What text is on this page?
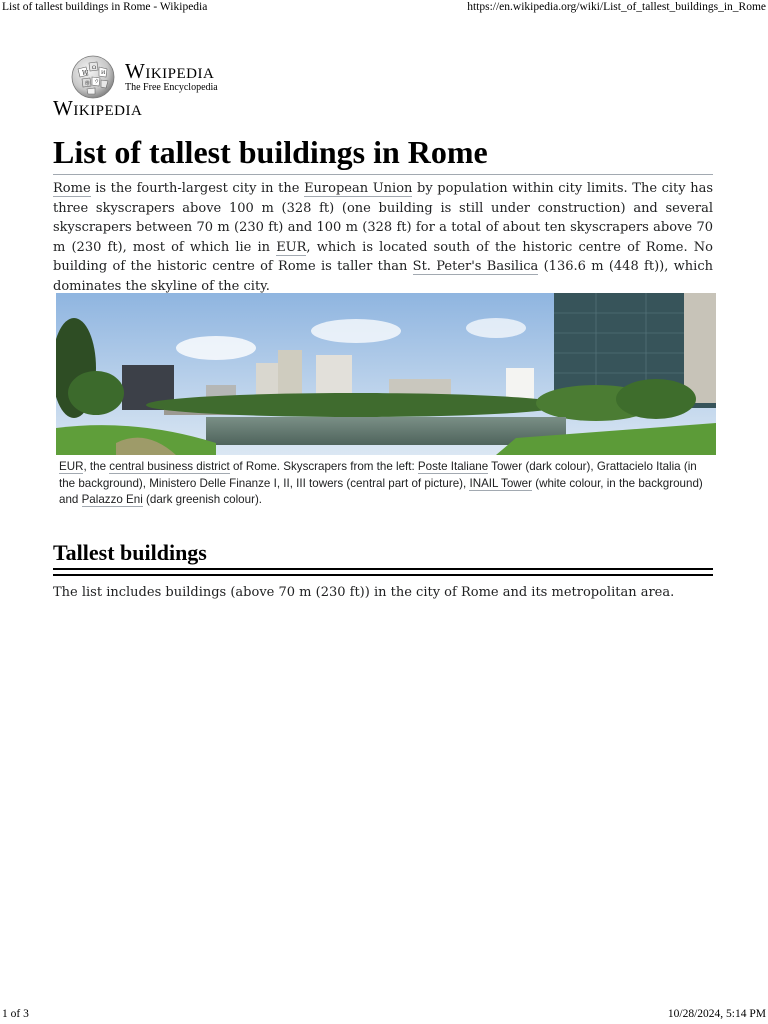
List of tallest buildings in Rome - Wikipedia	https://en.wikipedia.org/wiki/List_of_tallest_buildings_in_Rome
W
Ω
И
维 ウ Wikipedia
The Free Encyclopedia
Wikipedia
List of tallest buildings in Rome

Rome is the fourth-largest city in the European Union by population within city limits. The city has three skyscrapers above 100 m (328 ft) (one building is still under construction) and several skyscrapers between 70 m (230 ft) and 100 m (328 ft) for a total of about ten skyscrapers above 70 m (230 ft), most of which lie in EUR, which is located south of the historic centre of Rome. No building of the historic centre of Rome is taller than St. Peter's Basilica (136.6 m (448 ft)), which dominates the skyline of the city.

EUR, the central business district of Rome. Skyscrapers from the left: Poste Italiane Tower (dark colour), Grattacielo Italia (in the background), Ministero Delle Finanze I, II, III towers (central part of picture), INAIL Tower (white colour, in the background) and Palazzo Eni (dark greenish colour).
Tallest buildings

The list includes buildings (above 70 m (230 ft)) in the city of Rome and its metropolitan area.

1 of 3	10/28/2024, 5:14 PM
